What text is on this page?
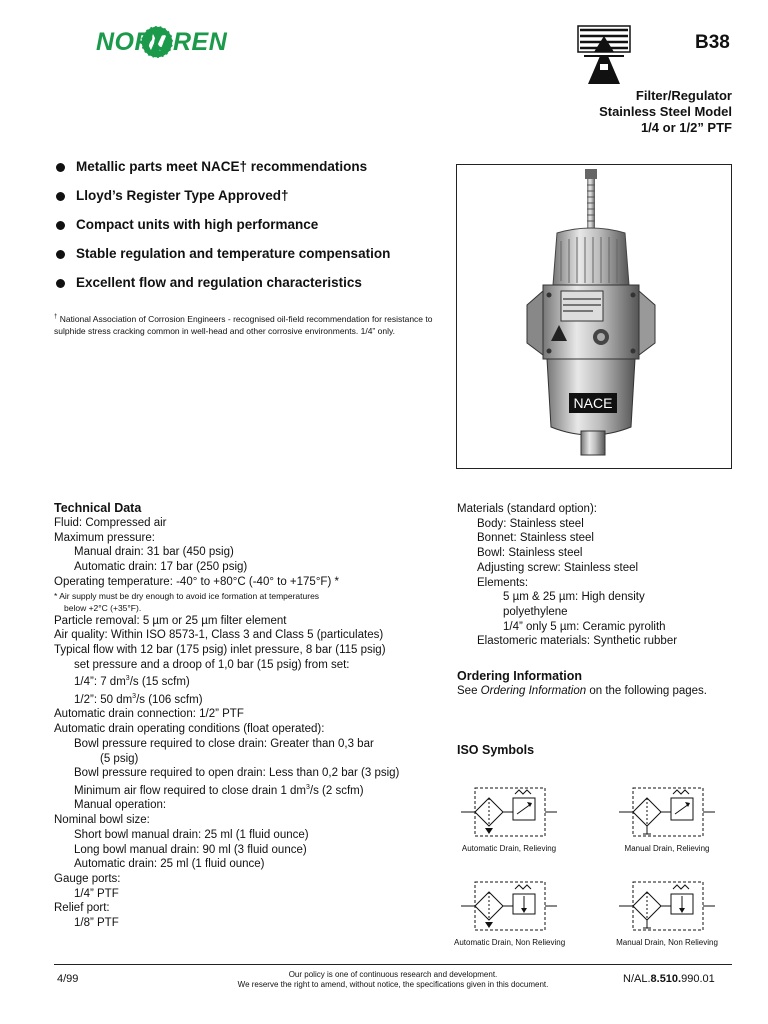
NORGREN	B38
Filter/Regulator
Stainless Steel Model
1/4 or 1/2” PTF
Metallic parts meet NACE† recommendations
Lloyd’s Register Type Approved†
Compact units with high performance
Stable regulation and temperature compensation
Excellent flow and regulation characteristics
† National Association of Corrosion Engineers - recognised oil-field recommendation for resistance to sulphide stress cracking common in well-head and other corrosive environments. 1/4” only.
NACE
Technical Data
Fluid: Compressed air
Maximum pressure:
Manual drain: 31 bar (450 psig)
Automatic drain: 17 bar (250 psig)
Operating temperature: -40° to +80°C (-40° to +175°F) *
* Air supply must be dry enough to avoid ice formation at temperatures
below +2°C (+35°F).
Particle removal: 5 µm or 25 µm filter element
Air quality: Within ISO 8573-1, Class 3 and Class 5 (particulates)
Typical flow with 12 bar (175 psig) inlet pressure, 8 bar (115 psig)
set pressure and a droop of 1,0 bar (15 psig) from set:
1/4”: 7 $dm^3/s$ (15 scfm)
1/2”: 50 $dm^3/s$ (106 scfm)
Automatic drain connection: 1/2” PTF
Automatic drain operating conditions (float operated):
Bowl pressure required to close drain: Greater than 0,3 bar
(5 psig)
Bowl pressure required to open drain: Less than 0,2 bar (3 psig)
Minimum air flow required to close drain 1 $dm^3/s$ (2 scfm)
Manual operation:
Nominal bowl size:
Short bowl manual drain: 25 ml (1 fluid ounce)
Long bowl manual drain: 90 ml (3 fluid ounce)
Automatic drain: 25 ml (1 fluid ounce)
Gauge ports:
1/4” PTF
Relief port:
1/8” PTF
Materials (standard option):
Body: Stainless steel
Bonnet: Stainless steel
Bowl: Stainless steel
Adjusting screw: Stainless steel
Elements:
5 µm & 25 µm: High density
polyethylene
1/4” only 5 µm: Ceramic pyrolith
Elastomeric materials: Synthetic rubber
Ordering Information
See Ordering Information on the following pages.
ISO Symbols
Automatic Drain, Relieving	Manual Drain, Relieving
Automatic Drain, Non Relieving	Manual Drain, Non Relieving
4/99	Our policy is one of continuous research and development.
We reserve the right to amend, without notice, the specifications given in this document.	N/AL.8.510.990.01
